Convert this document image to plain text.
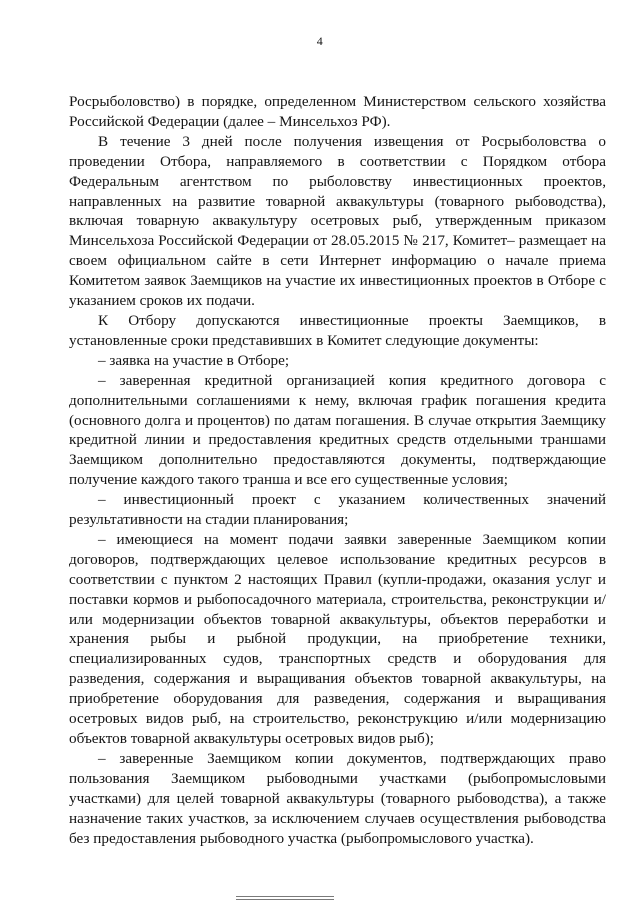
4

Росрыболовство) в порядке, определенном Министерством сельского хозяйства Российской Федерации (далее – Минсельхоз РФ).

В течение 3 дней после получения извещения от Росрыболовства о проведении Отбора, направляемого в соответствии с Порядком отбора Федеральным агентством по рыболовству инвестиционных проектов, направленных на развитие товарной аквакультуры (товарного рыбоводства), включая товарную аквакультуру осетровых рыб, утвержденным приказом Минсельхоза Российской Федерации от 28.05.2015 № 217, Комитет– размещает на своем официальном сайте в сети Интернет информацию о начале приема Комитетом заявок Заемщиков на участие их инвестиционных проектов в Отборе с указанием сроков их подачи.

К Отбору допускаются инвестиционные проекты Заемщиков, в установленные сроки представивших в Комитет следующие документы:

– заявка на участие в Отборе;

– заверенная кредитной организацией копия кредитного договора с дополнительными соглашениями к нему, включая график погашения кредита (основного долга и процентов) по датам погашения. В случае открытия Заемщику кредитной линии и предоставления кредитных средств отдельными траншами Заемщиком дополнительно предоставляются документы, подтверждающие получение каждого такого транша и все его существенные условия;

– инвестиционный проект с указанием количественных значений результативности на стадии планирования;

– имеющиеся на момент подачи заявки заверенные Заемщиком копии договоров, подтверждающих целевое использование кредитных ресурсов в соответствии с пунктом 2 настоящих Правил (купли-продажи, оказания услуг и поставки кормов и рыбопосадочного материала, строительства, реконструкции и/или модернизации объектов товарной аквакультуры, объектов переработки и хранения рыбы и рыбной продукции, на приобретение техники, специализированных судов, транспортных средств и оборудования для разведения, содержания и выращивания объектов товарной аквакультуры, на приобретение оборудования для разведения, содержания и выращивания осетровых видов рыб, на строительство, реконструкцию и/или модернизацию объектов товарной аквакультуры осетровых видов рыб);

– заверенные Заемщиком копии документов, подтверждающих право пользования Заемщиком рыбоводными участками (рыбопромысловыми участками) для целей товарной аквакультуры (товарного рыбоводства), а также назначение таких участков, за исключением случаев осуществления рыбоводства без предоставления рыбоводного участка (рыбопромыслового участка).
